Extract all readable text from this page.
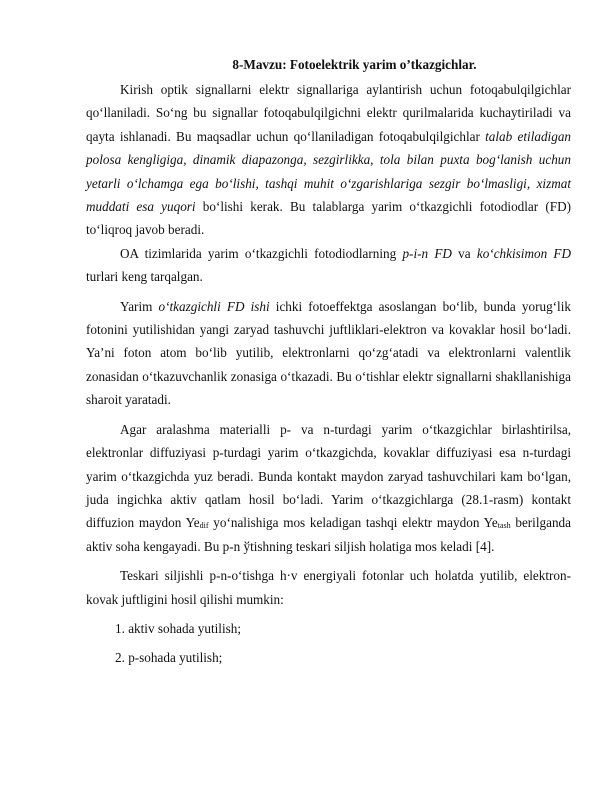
8-Mavzu: Fotoelektrik yarim o’tkazgichlar.

Kirish optik signallarni elektr signallariga aylantirish uchun fotoqabulqilgichlar qo‘llaniladi. So‘ng bu signallar fotoqabulqilgichni elektr qurilmalarida kuchaytiriladi va qayta ishlanadi. Bu maqsadlar uchun qo‘llaniladigan fotoqabulqilgichlar talab etiladigan polosa kengligiga, dinamik diapazonga, sezgirlikka, tola bilan puxta bog‘lanish uchun yetarli o‘lchamga ega bo‘lishi, tashqi muhit o‘zgarishlariga sezgir bo‘lmasligi, xizmat muddati esa yuqori bo‘lishi kerak. Bu talablarga yarim o‘tkazgichli fotodiodlar (FD) to‘liqroq javob beradi.

OA tizimlarida yarim o‘tkazgichli fotodiodlarning p-i-n FD va ko‘chkisimon FD turlari keng tarqalgan.

Yarim o‘tkazgichli FD ishi ichki fotoeffektga asoslangan bo‘lib, bunda yorug‘lik fotonini yutilishidan yangi zaryad tashuvchi juftliklari-elektron va kovaklar hosil bo‘ladi. Ya’ni foton atom bo‘lib yutilib, elektronlarni qo‘zg‘atadi va elektronlarni valentlik zonasidan o‘tkazuvchanlik zonasiga o‘tkazadi. Bu o‘tishlar elektr signallarni shakllanishiga sharoit yaratadi.

Agar aralashma materialli p- va n-turdagi yarim o‘tkazgichlar birlashtirilsa, elektronlar diffuziyasi p-turdagi yarim o‘tkazgichda, kovaklar diffuziyasi esa n-turdagi yarim o‘tkazgichda yuz beradi. Bunda kontakt maydon zaryad tashuvchilari kam bo‘lgan, juda ingichka aktiv qatlam hosil bo‘ladi. Yarim o‘tkazgichlarga (28.1-rasm) kontakt diffuzion maydon $Ye_{dif}$ yo‘nalishiga mos keladigan tashqi elektr maydon $Ye_{tash}$ berilganda aktiv soha kengayadi. Bu p-n ўtishning teskari siljish holatiga mos keladi [4].

Teskari siljishli p-n-o‘tishga h·v energiyali fotonlar uch holatda yutilib, elektron-kovak juftligini hosil qilishi mumkin:

1. aktiv sohada yutilish;
2. p-sohada yutilish;
